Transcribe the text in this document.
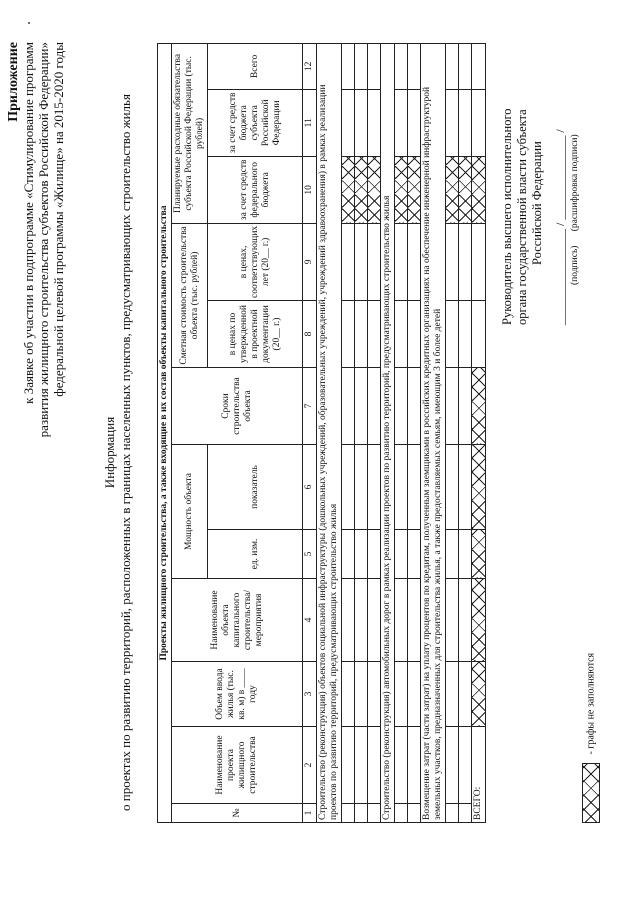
Приложение к Заявке об участии в подпрограмме «Стимулирование программ развития жилищного строительства субъектов Российской Федерации» федеральной целевой программы «Жилище» на 2015-2020 годы
Информация о проектах по развитию территорий, расположенных в границах населенных пунктов, предусматривающих строительство жилья	Проекты жилищного строительства, а также входящие в их состав объекты капитального строительства											
№	Наименование проекта жилищного строительства	Объем ввода жилья (тыс. кв. м) в ____ году	Наименование объекта капитального строительства/ мероприятия	Мощность объекта		Сроки строительства объекта	Сметная стоимость строительства объекта (тыс. рублей)		Планируемые расходные обязательства субъекта Российской Федерации (тыс. рублей)		
				ед. изм.	показатель		в ценах по утвержденной в проектной документации (20__ г.)	в ценах, соответствующих лет (20__ г.)	за счет средств федерального бюджета	за счет средств бюджета субъекта Российской Федерации	Всего
1	2	3	4	5	6	7	8	9	10	11	12
Строительство (реконструкция) объектов социальной инфраструктуры (дошкольных учреждений, образовательных учреждений, учреждений здравоохранения) в рамках реализации проектов по развитию территорий, предусматривающих строительство жилья											

Строительство (реконструкция) автомобильных дорог в рамках реализации проектов по развитию территорий, предусматривающих строительство жилья											

Возмещение затрат (части затрат) на уплату процентов по кредитам, полученным заемщиками в российских кредитных организациях на обеспечение инженерной инфраструктурой земельных участков, предназначенных для строительства жилья, а также предоставляемых семьям, имеющим 3 и более детей											

ВСЕГО:											
- графы не заполняются
Руководитель высшего исполнительного органа государственной власти субъекта Российской Федерации ________________ / ______________ / (подпись)      (расшифровка подписи)
